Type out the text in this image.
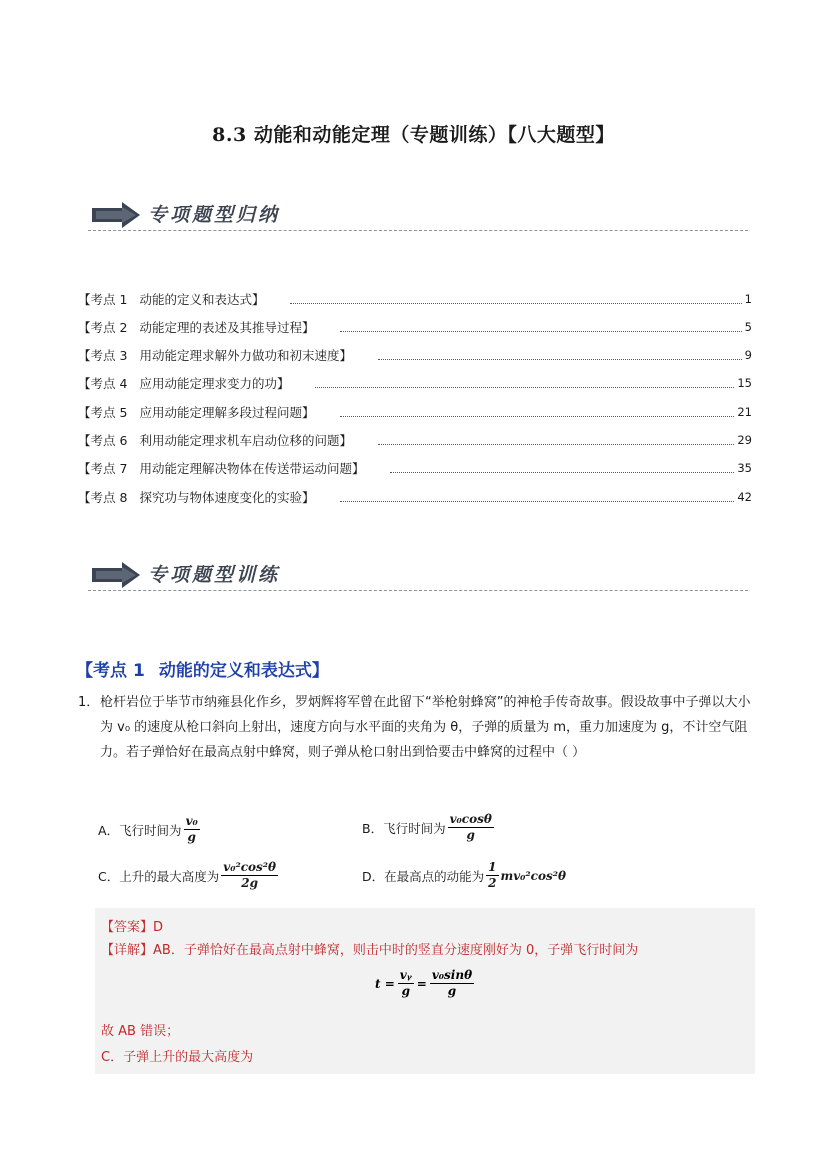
8.3 动能和动能定理（专题训练）【八大题型】
专项题型归纳
【考点 1 动能的定义和表达式】	1
【考点 2 动能定理的表述及其推导过程】	5
【考点 3 用动能定理求解外力做功和初末速度】	9
【考点 4 应用动能定理求变力的功】	15
【考点 5 应用动能定理解多段过程问题】	21
【考点 6 利用动能定理求机车启动位移的问题】	29
【考点 7 用动能定理解决物体在传送带运动问题】	35
【考点 8 探究功与物体速度变化的实验】	42
专项题型训练
【考点 1 动能的定义和表达式】
1． 枪杆岩位于毕节市纳雍县化作乡，罗炳辉将军曾在此留下“举枪射蜂窝”的神枪手传奇故事。假设故事中子弹以大小为 v₀ 的速度从枪口斜向上射出，速度方向与水平面的夹角为 θ，子弹的质量为 m，重力加速度为 g，不计空气阻力。若子弹恰好在最高点射中蜂窝，则子弹从枪口射出到恰要击中蜂窝的过程中（ ）
A．飞行时间为 $\frac{\text{v₀}}{g}$	B．飞行时间为 $\frac{\text{v₀cosθ}}{g}$
C．上升的最大高度为 $\frac{\text{v₀²cos²θ}}{2g}$	D．在最高点的动能为 $\frac{1}{2} mv_0^2\cos^2\theta$
【答案】D
【详解】AB．子弹恰好在最高点射中蜂窝，则击中时的竖直分速度刚好为 0，子弹飞行时间为
$t = \frac{\text{vᵧ}}{g} = \frac{\text{v₀sinθ}}{g}$
故 AB 错误；
C．子弹上升的最大高度为
